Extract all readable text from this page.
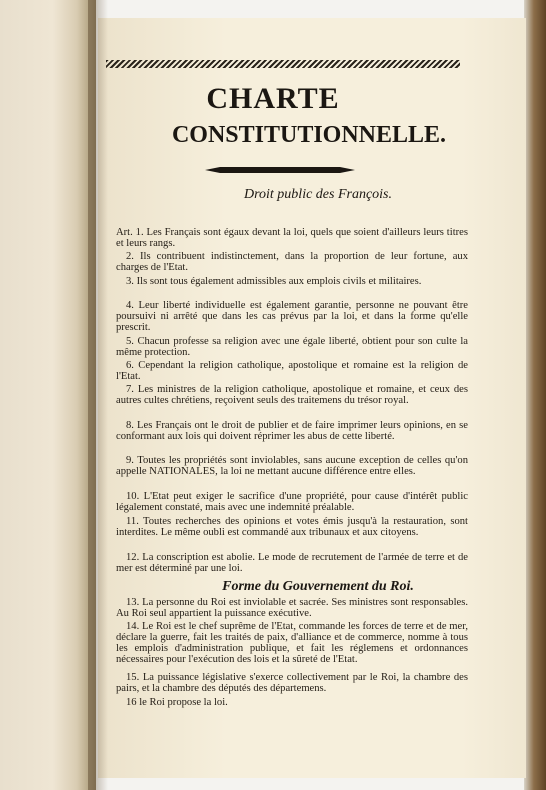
CHARTE
CONSTITUTIONNELLE.
Droit public des François.

Art. 1. Les Français sont égaux devant la loi, quels que soient d'ailleurs leurs titres et leurs rangs.

2. Ils contribuent indistinctement, dans la proportion de leur fortune, aux charges de l'Etat.

3. Ils sont tous également admissibles aux emplois civils et militaires.

4. Leur liberté individuelle est également garantie, personne ne pouvant être poursuivi ni arrêté que dans les cas prévus par la loi, et dans la forme qu'elle prescrit.

5. Chacun professe sa religion avec une égale liberté, obtient pour son culte la même protection.

6. Cependant la religion catholique, apostolique et romaine est la religion de l'Etat.

7. Les ministres de la religion catholique, apostolique et romaine, et ceux des autres cultes chrétiens, reçoivent seuls des traitemens du trésor royal.

8. Les Français ont le droit de publier et de faire imprimer leurs opinions, en se conformant aux lois qui doivent réprimer les abus de cette liberté.

9. Toutes les propriétés sont inviolables, sans aucune exception de celles qu'on appelle NATIONALES, la loi ne mettant aucune différence entre elles.

10. L'Etat peut exiger le sacrifice d'une propriété, pour cause d'intérêt public légalement constaté, mais avec une indemnité préalable.

11. Toutes recherches des opinions et votes émis jusqu'à la restauration, sont interdites. Le même oubli est commandé aux tribunaux et aux citoyens.

12. La conscription est abolie. Le mode de recrutement de l'armée de terre et de mer est déterminé par une loi.

Forme du Gouvernement du Roi.

13. La personne du Roi est inviolable et sacrée. Ses ministres sont responsables. Au Roi seul appartient la puissance exécutive.

14. Le Roi est le chef suprême de l'Etat, commande les forces de terre et de mer, déclare la guerre, fait les traités de paix, d'alliance et de commerce, nomme à tous les emplois d'administration publique, et fait les réglemens et ordonnances nécessaires pour l'exécution des lois et la sûreté de l'Etat.

15. La puissance législative s'exerce collectivement par le Roi, la chambre des pairs, et la chambre des députés des départemens.

16 le Roi propose la loi.
